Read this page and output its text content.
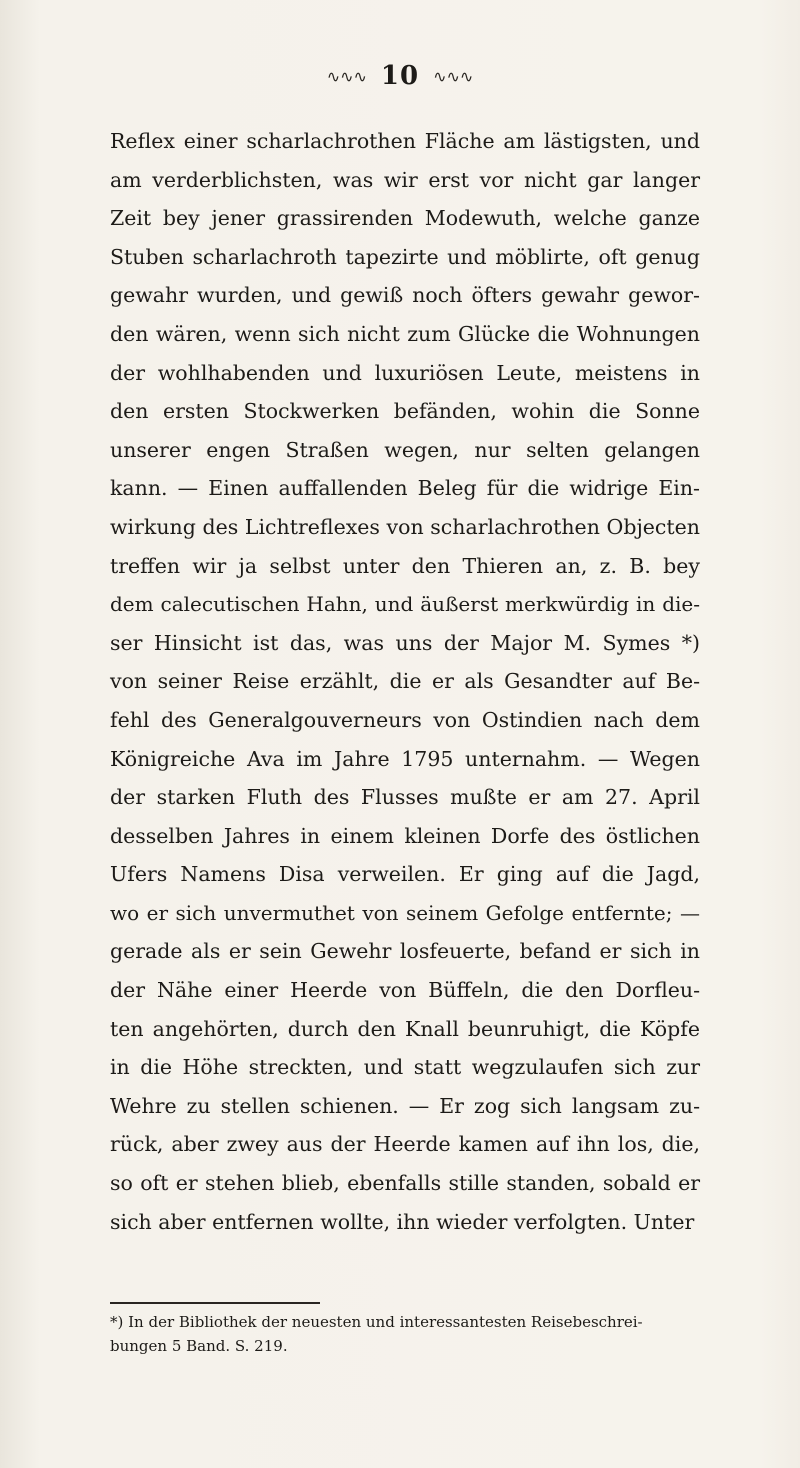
∿∿∿ 10 ∿∿∿
Reflex einer scharlachrothen Fläche am lästigsten, und
am verderblichsten, was wir erst vor nicht gar langer
Zeit bey jener grassirenden Modewuth, welche ganze
Stuben scharlachroth tapezirte und möblirte, oft genug
gewahr wurden, und gewiß noch öfters gewahr gewor-
den wären, wenn sich nicht zum Glücke die Wohnungen
der wohlhabenden und luxuriösen Leute, meistens in
den ersten Stockwerken befänden, wohin die Sonne
unserer engen Straßen wegen, nur selten gelangen
kann. — Einen auffallenden Beleg für die widrige Ein-
wirkung des Lichtreflexes von scharlachrothen Objecten
treffen wir ja selbst unter den Thieren an, z. B. bey
dem calecutischen Hahn, und äußerst merkwürdig in die-
ser Hinsicht ist das, was uns der Major M. Symes *)
von seiner Reise erzählt, die er als Gesandter auf Be-
fehl des Generalgouverneurs von Ostindien nach dem
Königreiche Ava im Jahre 1795 unternahm. — Wegen
der starken Fluth des Flusses mußte er am 27. April
desselben Jahres in einem kleinen Dorfe des östlichen
Ufers Namens Disa verweilen. Er ging auf die Jagd,
wo er sich unvermuthet von seinem Gefolge entfernte; —
gerade als er sein Gewehr losfeuerte, befand er sich in
der Nähe einer Heerde von Büffeln, die den Dorfleu-
ten angehörten, durch den Knall beunruhigt, die Köpfe
in die Höhe streckten, und statt wegzulaufen sich zur
Wehre zu stellen schienen. — Er zog sich langsam zu-
rück, aber zwey aus der Heerde kamen auf ihn los, die,
so oft er stehen blieb, ebenfalls stille standen, sobald er
sich aber entfernen wollte, ihn wieder verfolgten. Unter
*) In der Bibliothek der neuesten und interessantesten Reisebeschrei-
bungen 5 Band. S. 219.
